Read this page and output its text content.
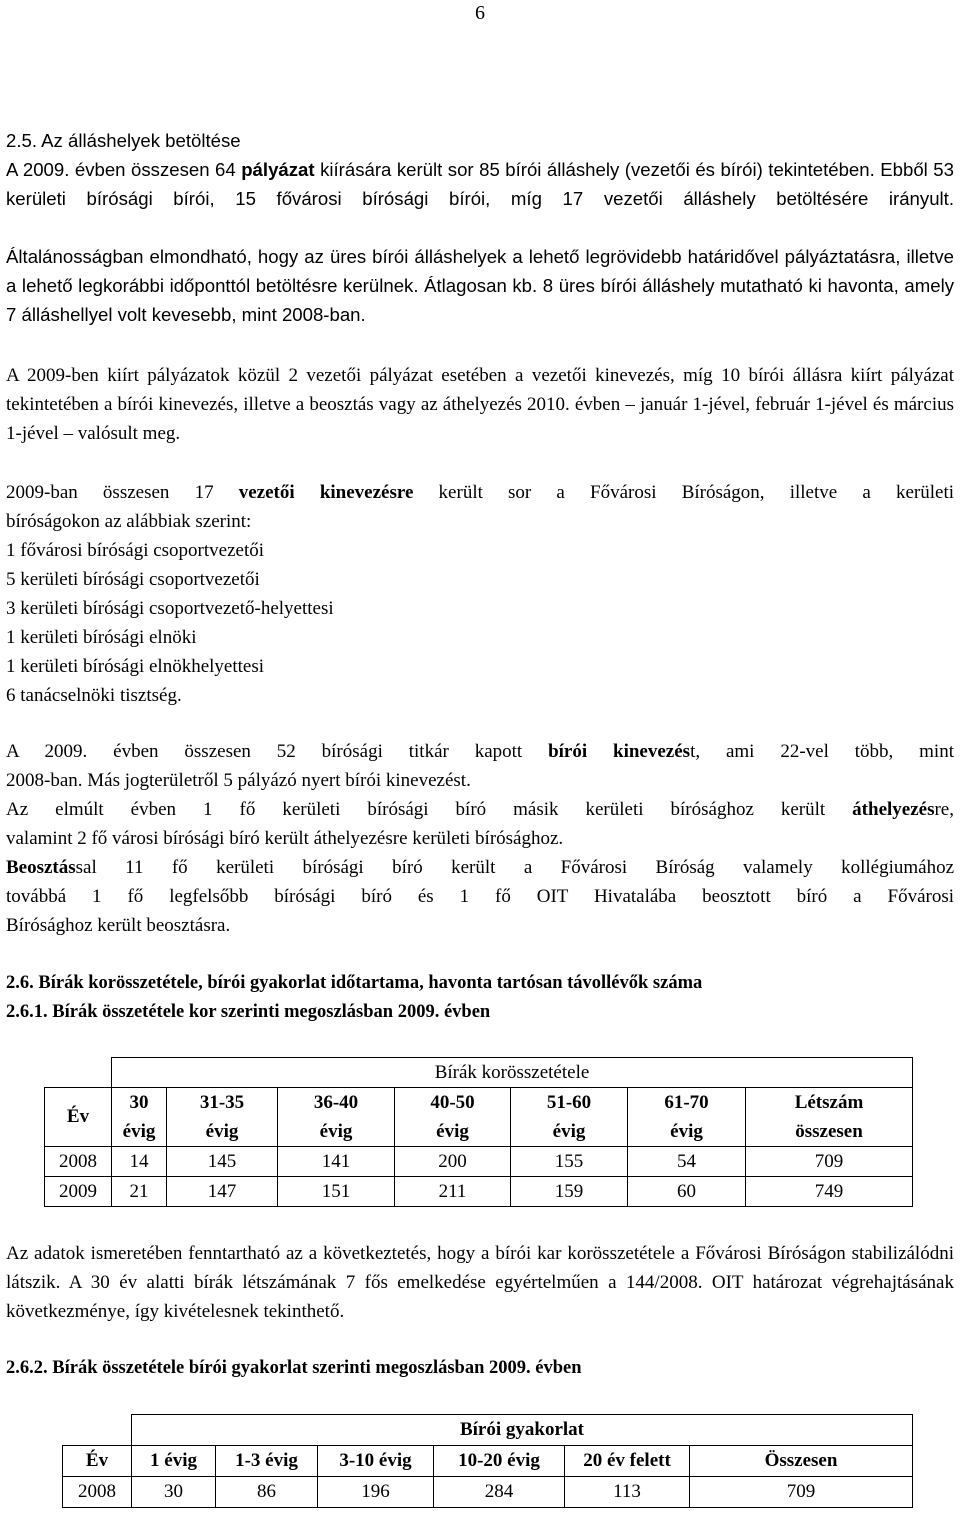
6
2.5. Az álláshelyek betöltése
A 2009. évben összesen 64 pályázat kiírására került sor 85 bírói álláshely (vezetői és bírói) tekintetében. Ebből 53 kerületi bírósági bírói, 15 fővárosi bírósági bírói, míg 17 vezetői álláshely betöltésére irányult.
Általánosságban elmondható, hogy az üres bírói álláshelyek a lehető legrövidebb határidővel pályáztatásra, illetve a lehető legkorábbi időponttól betöltésre kerülnek. Átlagosan kb. 8 üres bírói álláshely mutatható ki havonta, amely 7 álláshellyel volt kevesebb, mint 2008-ban.
A 2009-ben kiírt pályázatok közül 2 vezetői pályázat esetében a vezetői kinevezés, míg 10 bírói állásra kiírt pályázat tekintetében a bírói kinevezés, illetve a beosztás vagy az áthelyezés 2010. évben – január 1-jével, február 1-jével és március 1-jével – valósult meg.
2009-ban összesen 17 vezetői kinevezésre került sor a Fővárosi Bíróságon, illetve a kerületi
bíróságokon az alábbiak szerint:
1 fővárosi bírósági csoportvezetői
5 kerületi bírósági csoportvezetői
3 kerületi bírósági csoportvezető-helyettesi
1 kerületi bírósági elnöki
1 kerületi bírósági elnökhelyettesi
6 tanácselnöki tisztség.
A 2009. évben összesen 52 bírósági titkár kapott bírói kinevezést, ami 22-vel több, mint
2008-ban. Más jogterületről 5 pályázó nyert bírói kinevezést.
Az elmúlt évben 1 fő kerületi bírósági bíró másik kerületi bírósághoz került áthelyezésre,
valamint 2 fő városi bírósági bíró került áthelyezésre kerületi bírósághoz.
Beosztással 11 fő kerületi bírósági bíró került a Fővárosi Bíróság valamely kollégiumához
továbbá 1 fő legfelsőbb bírósági bíró és 1 fő OIT Hivatalába beosztott bíró a Fővárosi
Bírósághoz került beosztásra.
2.6. Bírák korösszetétele, bírói gyakorlat időtartama, havonta tartósan távollévők száma
2.6.1. Bírák összetétele kor szerinti megoszlásban 2009. évben
	Bírák korösszetétele						
Év	30	31-35	36-40	40-50	51-60	61-70	Létszám
	évig	évig	évig	évig	évig	évig	összesen
2008	14	145	141	200	155	54	709
2009	21	147	151	211	159	60	749
Az adatok ismeretében fenntartható az a következtetés, hogy a bírói kar korösszetétele a Fővárosi Bíróságon stabilizálódni látszik. A 30 év alatti bírák létszámának 7 fős emelkedése egyértelműen a 144/2008. OIT határozat végrehajtásának következménye, így kivételesnek tekinthető.
2.6.2. Bírák összetétele bírói gyakorlat szerinti megoszlásban 2009. évben
	Bírói gyakorlat					
Év	1 évig	1-3 évig	3-10 évig	10-20 évig	20 év felett	Összesen
2008	30	86	196	284	113	709
